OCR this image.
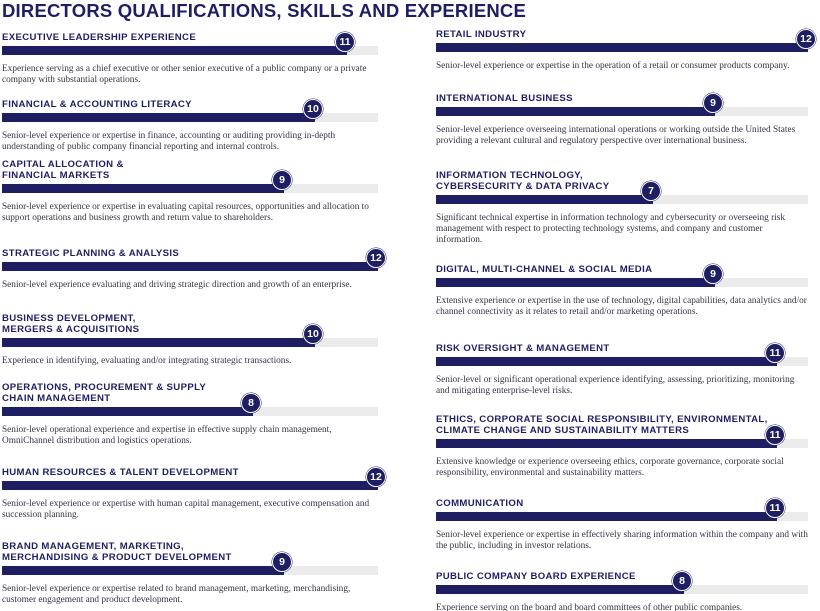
DIRECTORS QUALIFICATIONS, SKILLS AND EXPERIENCE
EXECUTIVE LEADERSHIP EXPERIENCE	11
Experience serving as a chief executive or other senior executive of a public company or a private company with substantial operations.
FINANCIAL & ACCOUNTING LITERACY	10
Senior-level experience or expertise in finance, accounting or auditing providing in-depth understanding of public company financial reporting and internal controls.
CAPITAL ALLOCATION &
FINANCIAL MARKETS	9
Senior-level experience or expertise in evaluating capital resources, opportunities and allocation to support operations and business growth and return value to shareholders.
STRATEGIC PLANNING & ANALYSIS	12
Senior-level experience evaluating and driving strategic direction and growth of an enterprise.
BUSINESS DEVELOPMENT,
MERGERS & ACQUISITIONS	10
Experience in identifying, evaluating and/or integrating strategic transactions.
OPERATIONS, PROCUREMENT & SUPPLY
CHAIN MANAGEMENT	8
Senior-level operational experience and expertise in effective supply chain management, OmniChannel distribution and logistics operations.
HUMAN RESOURCES & TALENT DEVELOPMENT	12
Senior-level experience or expertise with human capital management, executive compensation and succession planning.
BRAND MANAGEMENT, MARKETING,
MERCHANDISING & PRODUCT DEVELOPMENT	9
Senior-level experience or expertise related to brand management, marketing, merchandising, customer engagement and product development.
RETAIL INDUSTRY	12
Senior-level experience or expertise in the operation of a retail or consumer products company.
INTERNATIONAL BUSINESS	9
Senior-level experience overseeing international operations or working outside the United States providing a relevant cultural and regulatory perspective over international business.
INFORMATION TECHNOLOGY,
CYBERSECURITY & DATA PRIVACY	7
Significant technical expertise in information technology and cybersecurity or overseeing risk management with respect to protecting technology systems, and company and customer information.
DIGITAL, MULTI-CHANNEL & SOCIAL MEDIA	9
Extensive experience or expertise in the use of technology, digital capabilities, data analytics and/or channel connectivity as it relates to retail and/or marketing operations.
RISK OVERSIGHT & MANAGEMENT	11
Senior-level or significant operational experience identifying, assessing, prioritizing, monitoring and mitigating enterprise-level risks.
ETHICS, CORPORATE SOCIAL RESPONSIBILITY, ENVIRONMENTAL,
CLIMATE CHANGE AND SUSTAINABILITY MATTERS	11
Extensive knowledge or experience overseeing ethics, corporate governance, corporate social responsibility, environmental and sustainability matters.
COMMUNICATION	11
Senior-level experience or expertise in effectively sharing information within the company and with the public, including in investor relations.
PUBLIC COMPANY BOARD EXPERIENCE	8
Experience serving on the board and board committees of other public companies.
